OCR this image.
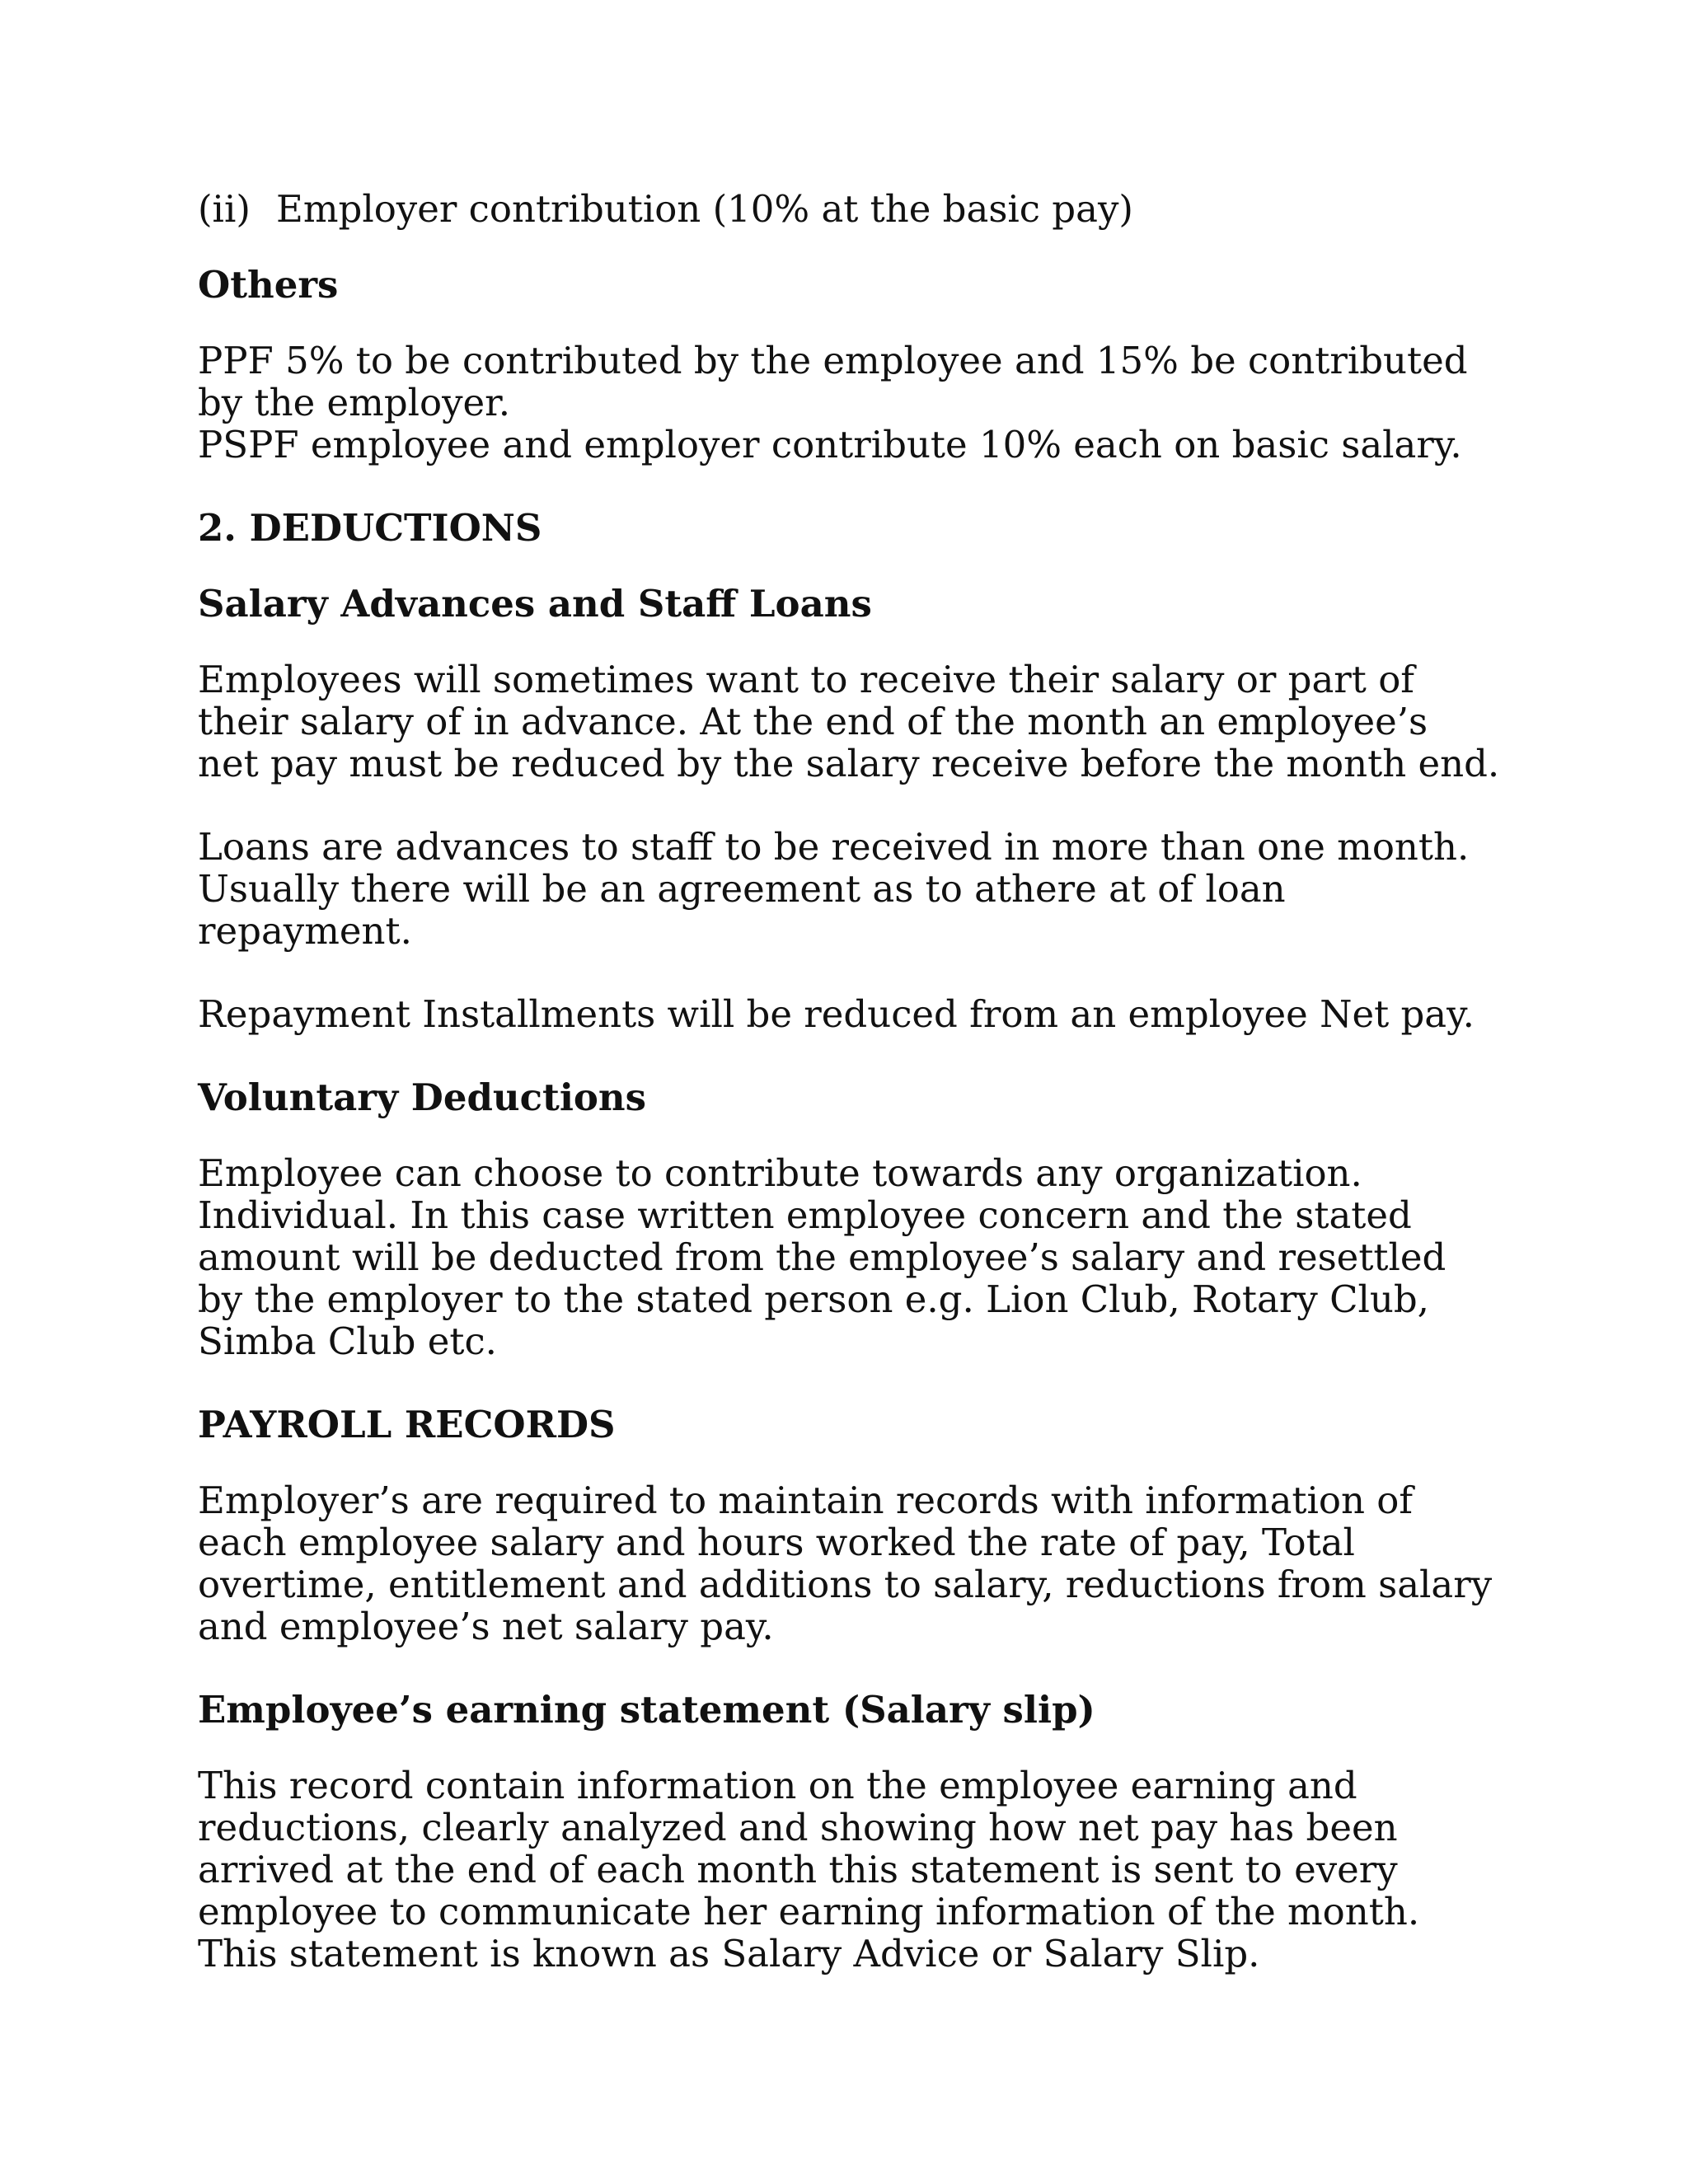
(ii) Employer contribution (10% at the basic pay)
Others

PPF 5% to be contributed by the employee and 15% be contributed by the employer.

PSPF employee and employer contribute 10% each on basic salary.

2. DEDUCTIONS
Salary Advances and Staff Loans

Employees will sometimes want to receive their salary or part of their salary of in advance. At the end of the month an employee’s net pay must be reduced by the salary receive before the month end.

Loans are advances to staff to be received in more than one month. Usually there will be an agreement as to athere at of loan repayment.

Repayment Installments will be reduced from an employee Net pay.

Voluntary Deductions

Employee can choose to contribute towards any organization. Individual. In this case written employee concern and the stated amount will be deducted from the employee’s salary and resettled by the employer to the stated person e.g. Lion Club, Rotary Club, Simba Club etc.

PAYROLL RECORDS

Employer’s are required to maintain records with information of each employee salary and hours worked the rate of pay, Total overtime, entitlement and additions to salary, reductions from salary and employee’s net salary pay.

Employee’s earning statement (Salary slip)

This record contain information on the employee earning and reductions, clearly analyzed and showing how net pay has been arrived at the end of each month this statement is sent to every employee to communicate her earning information of the month. This statement is known as Salary Advice or Salary Slip.
